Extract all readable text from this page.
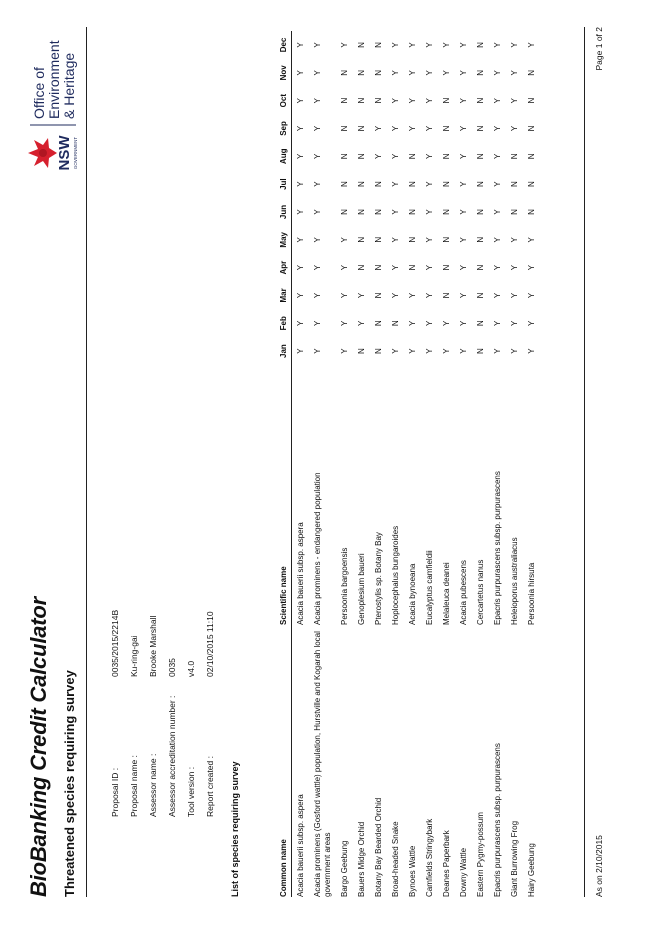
BioBanking Credit Calculator Threatened species requiring survey
NSW GOVERNMENT
Office of Environment & Heritage
Proposal ID :
0035/2015/2214B
Proposal name :
Ku-ring-gai
Assessor name :
Brooke Marshall
Assessor accreditation number :
0035
Tool version :
v4.0
Report created :
02/10/2015 11:10
List of species requiring survey	Common name	Scientific name	Jan	Feb	Mar	Apr	May	Jun	Jul	Aug	Sep	Oct	Nov	Dec
Acacia bauerii subsp. aspera	Acacia bauerii subsp. aspera	Y	Y	Y	Y	Y	Y	Y	Y	Y	Y	Y	Y
Acacia prominens (Gosford wattle) population, Hurstville and Kogarah local government areas	Acacia prominens - endangered population	Y	Y	Y	Y	Y	Y	Y	Y	Y	Y	Y	Y
Bargo Geebung	Persoonia bargoensis	Y	Y	Y	Y	Y	N	N	N	N	N	N	Y
Bauers Midge Orchid	Genoplesium baueri	N	Y	Y	N	N	N	N	N	N	N	N	N
Botany Bay Bearded Orchid	Pterostylis sp. Botany Bay	N	N	N	N	N	N	N	Y	Y	N	N	N
Broad-headed Snake	Hoplocephalus bungaroides	Y	N	Y	Y	Y	Y	Y	Y	Y	Y	Y	Y
Bynoes Wattle	Acacia bynoeana	Y	Y	Y	N	N	N	N	N	Y	Y	Y	Y
Camfields Stringybark	Eucalyptus camfieldii	Y	Y	Y	Y	Y	Y	Y	Y	Y	Y	Y	Y
Deanes Paperbark	Melaleuca deanei	Y	Y	N	N	N	N	N	N	N	N	Y	Y
Downy Wattle	Acacia pubescens	Y	Y	Y	Y	Y	Y	Y	Y	Y	Y	Y	Y
Eastern Pygmy-possum	Cercartetus nanus	N	N	N	N	N	N	N	N	N	N	N	N
Epacris purpurascens subsp. purpurascens	Epacris purpurascens subsp. purpurascens	Y	Y	Y	Y	Y	Y	Y	Y	Y	Y	Y	Y
Giant Burrowing Frog	Heleioporus australiacus	Y	Y	Y	Y	Y	N	N	N	Y	Y	Y	Y
Hairy Geebung	Persoonia hirsuta	Y	Y	Y	Y	Y	N	N	N	N	N	N	Y
As on 2/10/2015
Page 1 of 2
